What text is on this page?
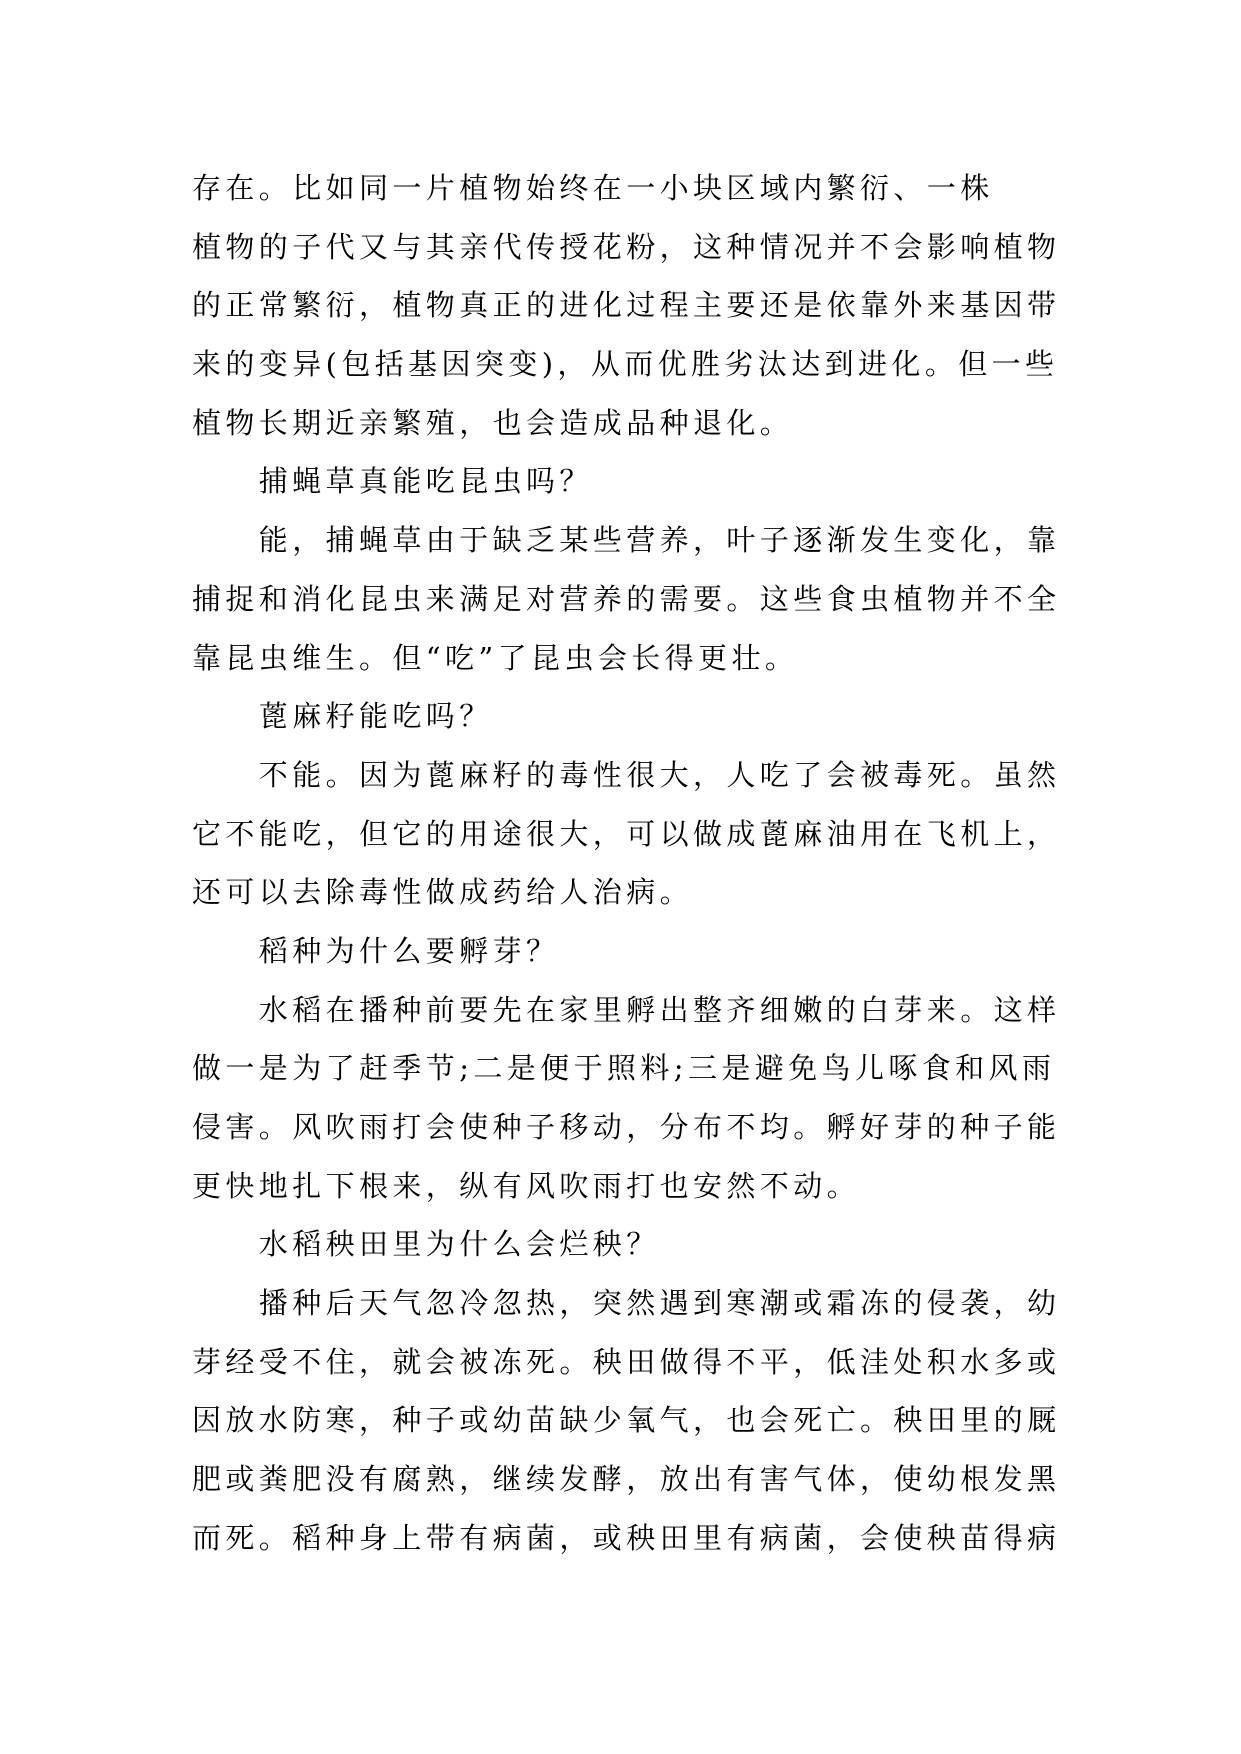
存在。比如同一片植物始终在一小块区域内繁衍、一株
植物的子代又与其亲代传授花粉，这种情况并不会影响植物
的正常繁衍，植物真正的进化过程主要还是依靠外来基因带
来的变异(包括基因突变)，从而优胜劣汰达到进化。但一些
植物长期近亲繁殖，也会造成品种退化。
捕蝇草真能吃昆虫吗？
能，捕蝇草由于缺乏某些营养，叶子逐渐发生变化，靠
捕捉和消化昆虫来满足对营养的需要。这些食虫植物并不全
靠昆虫维生。但“吃”了昆虫会长得更壮。
蓖麻籽能吃吗？
不能。因为蓖麻籽的毒性很大，人吃了会被毒死。虽然
它不能吃，但它的用途很大，可以做成蓖麻油用在飞机上，
还可以去除毒性做成药给人治病。
稻种为什么要孵芽？
水稻在播种前要先在家里孵出整齐细嫩的白芽来。这样
做一是为了赶季节;二是便于照料;三是避免鸟儿啄食和风雨
侵害。风吹雨打会使种子移动，分布不均。孵好芽的种子能
更快地扎下根来，纵有风吹雨打也安然不动。
水稻秧田里为什么会烂秧？
播种后天气忽冷忽热，突然遇到寒潮或霜冻的侵袭，幼
芽经受不住，就会被冻死。秧田做得不平，低洼处积水多或
因放水防寒，种子或幼苗缺少氧气，也会死亡。秧田里的厩
肥或粪肥没有腐熟，继续发酵，放出有害气体，使幼根发黑
而死。稻种身上带有病菌，或秧田里有病菌，会使秧苗得病
